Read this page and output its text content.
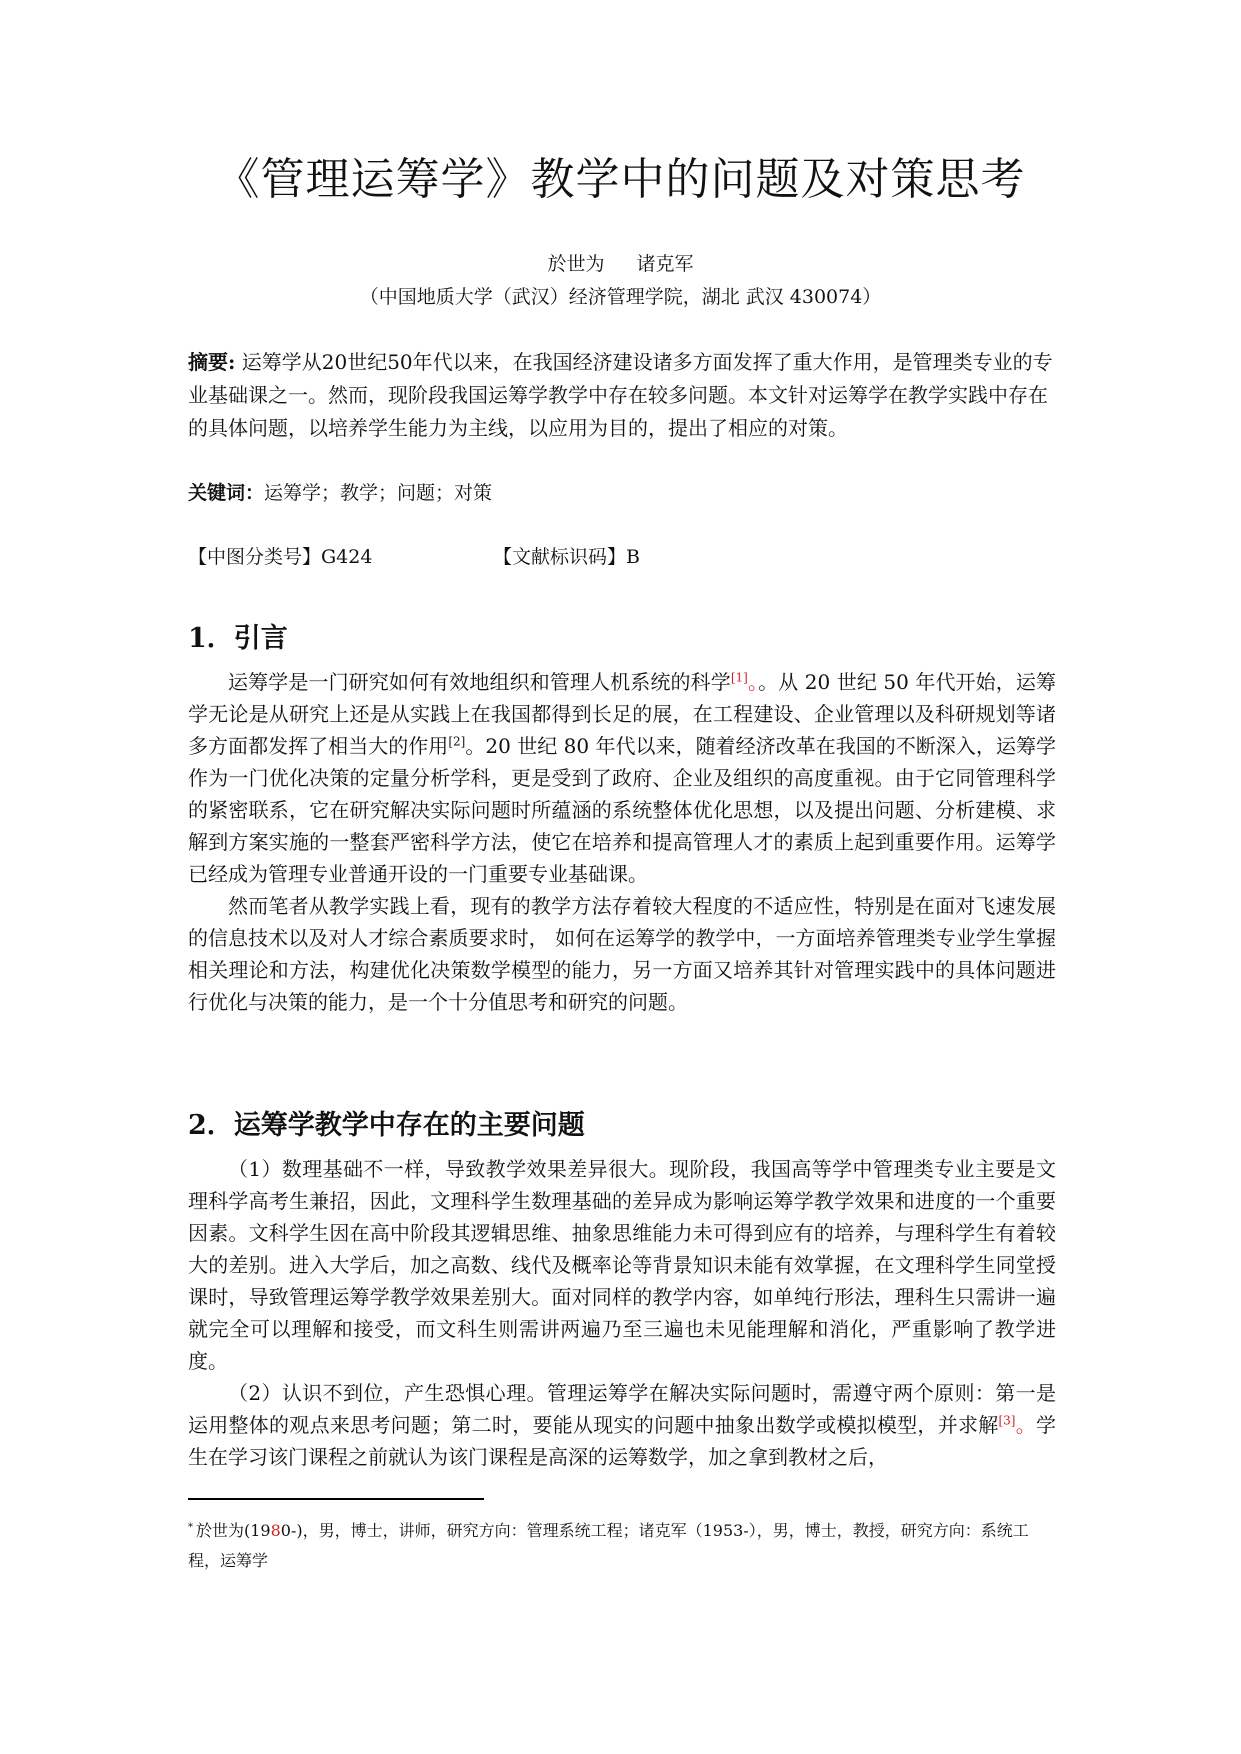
《管理运筹学》教学中的问题及对策思考
於世为 诸克军
（中国地质大学（武汉）经济管理学院，湖北 武汉 430074）
摘要: 运筹学从20世纪50年代以来，在我国经济建设诸多方面发挥了重大作用，是管理类专业的专业基础课之一。然而，现阶段我国运筹学教学中存在较多问题。本文针对运筹学在教学实践中存在的具体问题，以培养学生能力为主线，以应用为目的，提出了相应的对策。
关键词：运筹学；教学；问题；对策
【中图分类号】G424	【文献标识码】B
1．引言

运筹学是一门研究如何有效地组织和管理人机系统的科学[1]。。从 20 世纪 50 年代开始，运筹学无论是从研究上还是从实践上在我国都得到长足的展，在工程建设、企业管理以及科研规划等诸多方面都发挥了相当大的作用[2]。20 世纪 80 年代以来，随着经济改革在我国的不断深入，运筹学作为一门优化决策的定量分析学科，更是受到了政府、企业及组织的高度重视。由于它同管理科学的紧密联系，它在研究解决实际问题时所蕴涵的系统整体优化思想，以及提出问题、分析建模、求解到方案实施的一整套严密科学方法，使它在培养和提高管理人才的素质上起到重要作用。运筹学已经成为管理专业普通开设的一门重要专业基础课。

然而笔者从教学实践上看，现有的教学方法存着较大程度的不适应性，特别是在面对飞速发展的信息技术以及对人才综合素质要求时， 如何在运筹学的教学中，一方面培养管理类专业学生掌握相关理论和方法，构建优化决策数学模型的能力，另一方面又培养其针对管理实践中的具体问题进行优化与决策的能力，是一个十分值思考和研究的问题。

2．运筹学教学中存在的主要问题

（1）数理基础不一样，导致教学效果差异很大。现阶段，我国高等学中管理类专业主要是文理科学高考生兼招，因此，文理科学生数理基础的差异成为影响运筹学教学效果和进度的一个重要因素。文科学生因在高中阶段其逻辑思维、抽象思维能力未可得到应有的培养，与理科学生有着较大的差别。进入大学后，加之高数、线代及概率论等背景知识未能有效掌握，在文理科学生同堂授课时，导致管理运筹学教学效果差别大。面对同样的教学内容，如单纯行形法，理科生只需讲一遍就完全可以理解和接受，而文科生则需讲两遍乃至三遍也未见能理解和消化，严重影响了教学进度。

（2）认识不到位，产生恐惧心理。管理运筹学在解决实际问题时，需遵守两个原则：第一是运用整体的观点来思考问题；第二时，要能从现实的问题中抽象出数学或模拟模型，并求解[3]。学生在学习该门课程之前就认为该门课程是高深的运筹数学，加之拿到教材之后，

* 於世为(1980-)，男，博士，讲师，研究方向：管理系统工程；诸克军（1953-），男，博士，教授，研究方向：系统工程，运筹学
